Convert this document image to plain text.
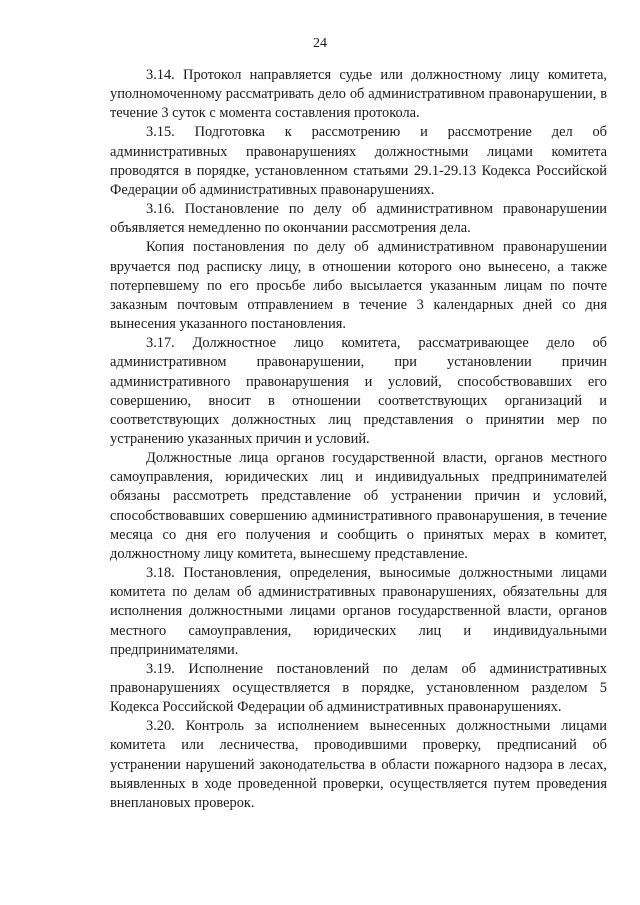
24

3.14. Протокол направляется судье или должностному лицу комитета, уполномоченному рассматривать дело об административном правонарушении, в течение 3 суток с момента составления протокола.

3.15. Подготовка к рассмотрению и рассмотрение дел об административных правонарушениях должностными лицами комитета проводятся в порядке, установленном статьями 29.1-29.13 Кодекса Российской Федерации об административных правонарушениях.

3.16. Постановление по делу об административном правонарушении объявляется немедленно по окончании рассмотрения дела.

Копия постановления по делу об административном правонарушении вручается под расписку лицу, в отношении которого оно вынесено, а также потерпевшему по его просьбе либо высылается указанным лицам по почте заказным почтовым отправлением в течение 3 календарных дней со дня вынесения указанного постановления.

3.17. Должностное лицо комитета, рассматривающее дело об административном правонарушении, при установлении причин административного правонарушения и условий, способствовавших его совершению, вносит в отношении соответствующих организаций и соответствующих должностных лиц представления о принятии мер по устранению указанных причин и условий.

Должностные лица органов государственной власти, органов местного самоуправления, юридических лиц и индивидуальных предпринимателей обязаны рассмотреть представление об устранении причин и условий, способствовавших совершению административного правонарушения, в течение месяца со дня его получения и сообщить о принятых мерах в комитет, должностному лицу комитета, вынесшему представление.

3.18. Постановления, определения, выносимые должностными лицами комитета по делам об административных правонарушениях, обязательны для исполнения должностными лицами органов государственной власти, органов местного самоуправления, юридических лиц и индивидуальными предпринимателями.

3.19. Исполнение постановлений по делам об административных правонарушениях осуществляется в порядке, установленном разделом 5 Кодекса Российской Федерации об административных правонарушениях.

3.20. Контроль за исполнением вынесенных должностными лицами комитета или лесничества, проводившими проверку, предписаний об устранении нарушений законодательства в области пожарного надзора в лесах, выявленных в ходе проведенной проверки, осуществляется путем проведения внеплановых проверок.
